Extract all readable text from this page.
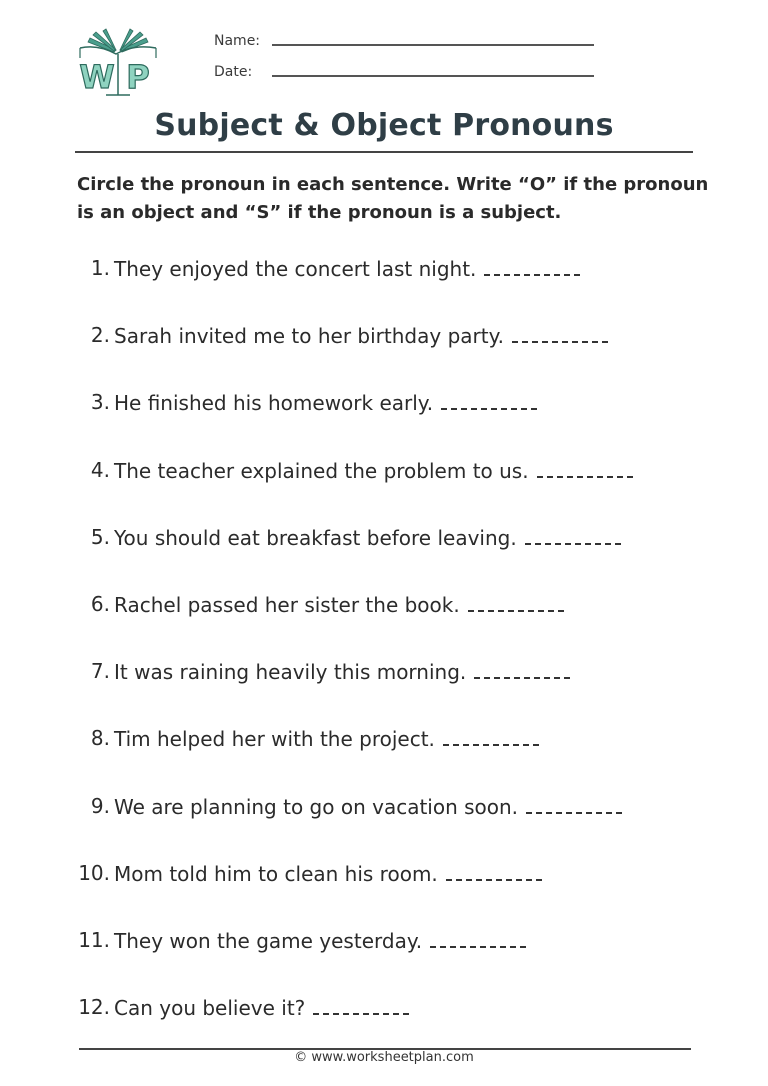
W P
Name:
Date:
Subject & Object Pronouns
Circle the pronoun in each sentence. Write “O” if the pronoun is an object and “S” if the pronoun is a subject.
1. They enjoyed the concert last night.
2. Sarah invited me to her birthday party.
3. He finished his homework early.
4. The teacher explained the problem to us.
5. You should eat breakfast before leaving.
6. Rachel passed her sister the book.
7. It was raining heavily this morning.
8. Tim helped her with the project.
9. We are planning to go on vacation soon.
10. Mom told him to clean his room.
11. They won the game yesterday.
12. Can you believe it?
© www.worksheetplan.com
